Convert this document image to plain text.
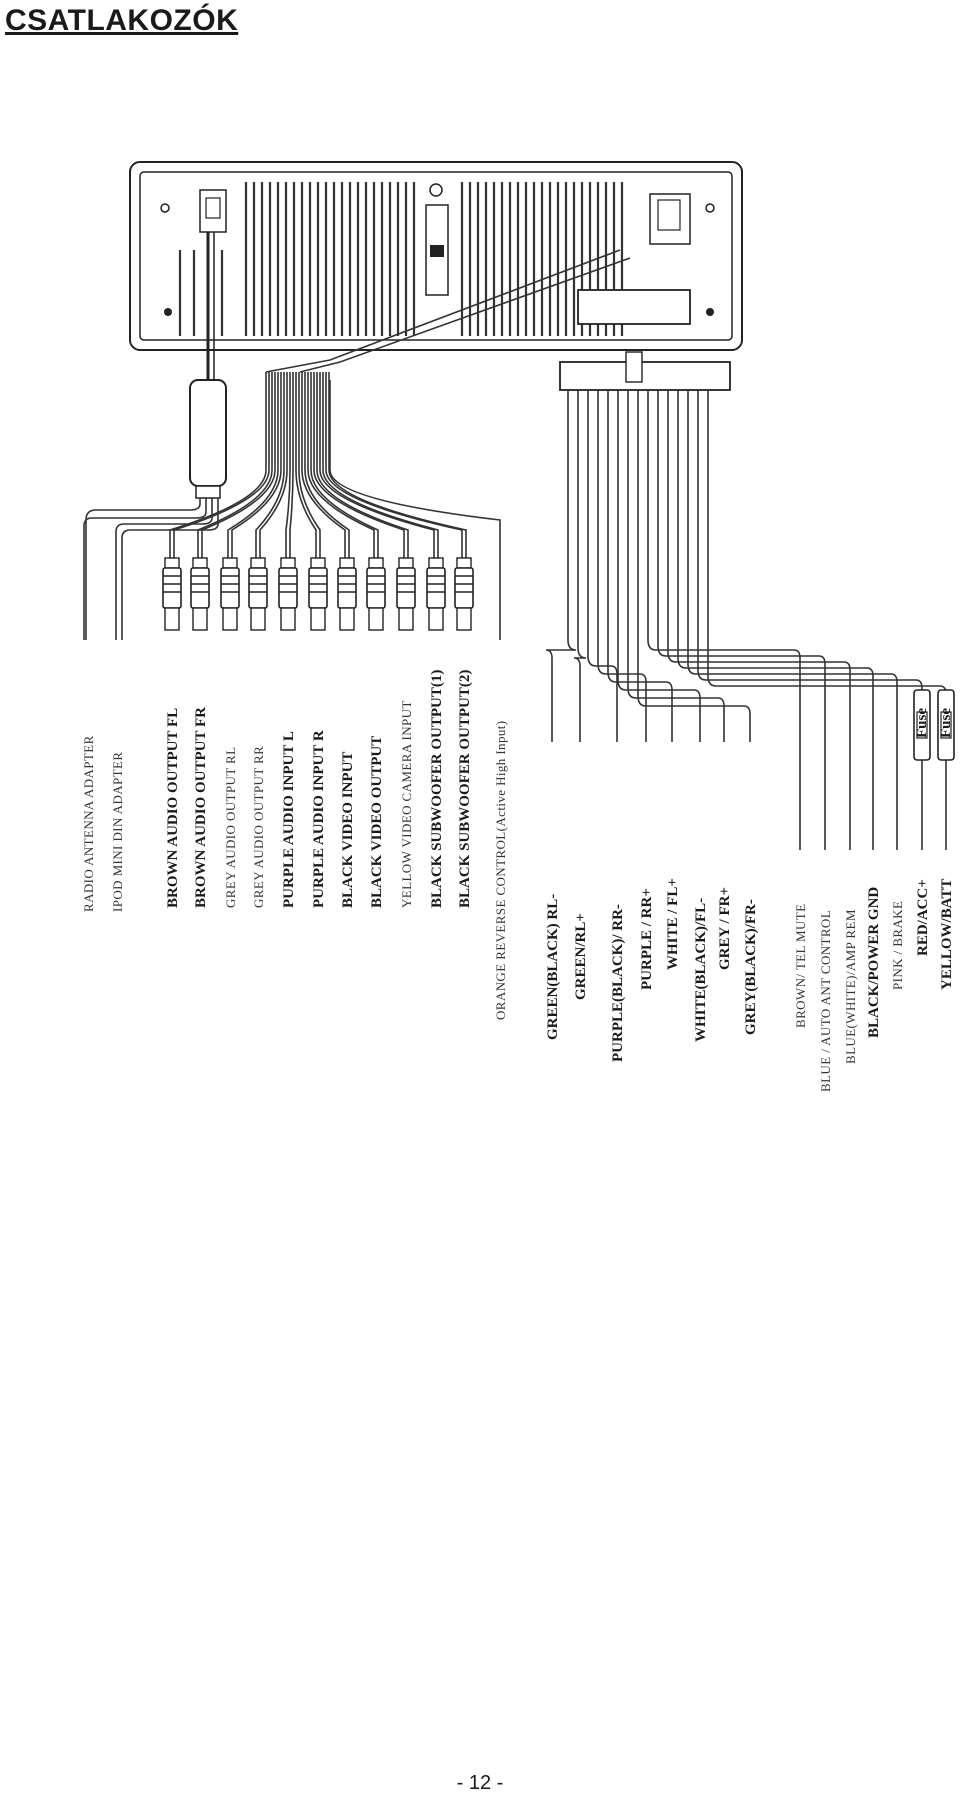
CSATLAKOZÓK
Fuse Fuse
RADIO ANTENNA ADAPTER IPOD MINI DIN ADAPTER	BROWN AUDIO OUTPUT FL BROWN AUDIO OUTPUT FR GREY AUDIO OUTPUT RL GREY AUDIO OUTPUT RR PURPLE AUDIO INPUT L PURPLE AUDIO INPUT R BLACK VIDEO INPUT BLACK VIDEO OUTPUT YELLOW VIDEO CAMERA INPUT BLACK SUBWOOFER OUTPUT(1) BLACK SUBWOOFER OUTPUT(2) ORANGE REVERSE CONTROL(Active High Input) GREEN(BLACK) RL- GREEN/RL+ PURPLE(BLACK)/ RR- PURPLE / RR+ WHITE / FL+ WHITE(BLACK)/FL- GREY / FR+ GREY(BLACK)/FR-	BROWN/ TEL MUTE BLUE / AUTO ANT CONTROL BLUE(WHITE)/AMP REM BLACK/POWER GND PINK / BRAKE RED/ACC+ YELLOW/BATT
- 12 -
